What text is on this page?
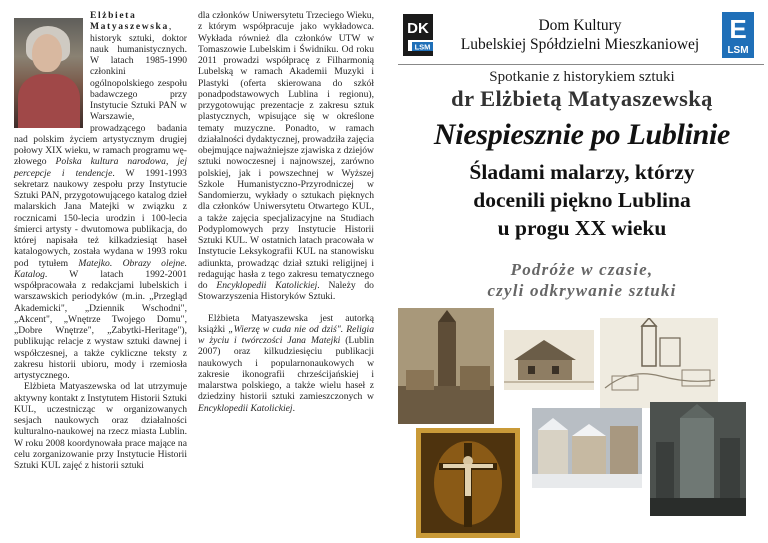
Elżbieta Matyaszewska, historyk sztuki, doktor nauk humanistycznych. W latach 1985-1990 członkini ogólnopolskiego zespołu badawczego przy Instytucie Sztuki PAN w Warszawie, prowadzącego badania nad polskim życiem artystycznym drugiej połowy XIX wieku, w ramach programu wę-złowego Polska kultura narodowa, jej percepcje i tendencje. W 1991-1993 sekretarz naukowy zespołu przy Instytucie Sztuki PAN, przygotowującego katalog dzieł malarskich Jana Matejki w związku z rocznicami 150-lecia urodzin i 100-lecia śmierci artysty - dwutomowa publikacja, do której napisała też kilkadziesiąt haseł katalogowych, została wydana w 1993 roku pod tytułem Matejko. Obrazy olejne. Katalog. W latach 1992-2001 współpracowała z redakcjami lubelskich i warszawskich periodyków (m.in. „Przegląd Akademicki", „Dziennik Wschodni", „Akcent", „Wnętrze Twojego Domu", „Dobre Wnętrze", „Zabytki-Heritage"), publikując relacje z wystaw sztuki dawnej i współczesnej, a także cykliczne teksty z zakresu historii ubioru, mody i rzemiosła artystycznego.

Elżbieta Matyaszewska od lat utrzymuje aktywny kontakt z Instytutem Historii Sztuki KUL, uczestnicząc w organizowanych sesjach naukowych oraz działalności kulturalno-naukowej na rzecz miasta Lublin. W roku 2008 koordynowała prace mające na celu zorganizowanie przy Instytucie Historii Sztuki KUL zajęć z historii sztuki

dla członków Uniwersytetu Trzeciego Wieku, z którym współpracuje jako wykładowca. Wykłada również dla członków UTW w Tomaszowie Lubelskim i Świdniku. Od roku 2011 prowadzi współpracę z Filharmonią Lubelską w ramach Akademii Muzyki i Plastyki (oferta skierowana do szkół ponadpodstawowych Lublina i regionu), przygotowując prezentacje z zakresu sztuk plastycznych, wpisujące się w określone tematy muzyczne. Ponadto, w ramach działalności dydaktycznej, prowadziła zajęcia obejmujące najważniejsze zjawiska z dziejów sztuki nowoczesnej i najnowszej, zarówno polskiej, jak i powszechnej w Wyższej Szkole Humanistyczno-Przyrodniczej w Sandomierzu, wykłady o sztukach pięknych dla członków Uniwersytetu Otwartego KUL, a także zajęcia specjalizacyjne na Studiach Podyplomowych przy Instytucie Historii Sztuki KUL. W ostatnich latach pracowała w Instytucie Leksykografii KUL na stanowisku adiunkta, prowadząc dział sztuki religijnej i redagując hasła z tego zakresu tematycznego do Encyklopedii Katolickiej. Należy do Stowarzyszenia Historyków Sztuki.

Elżbieta Matyaszewska jest autorką książki „Wierzę w cuda nie od dziś". Religia w życiu i twórczości Jana Matejki (Lublin 2007) oraz kilkudziesięciu publikacji naukowych i popularnonaukowych w zakresie ikonografii chrześcijańskiej i malarstwa polskiego, a także wielu haseł z dziedziny historii sztuki zamieszczonych w Encyklopedii Katolickiej.

DK
LSM
Dom Kultury
Lubelskiej Spółdzielni Mieszkaniowej
E
LSM
Spotkanie z historykiem sztuki
dr Elżbietą Matyaszewską
Niespiesznie po Lublinie
Śladami malarzy, którzy
docenili piękno Lublina
u progu XX wieku
Podróże w czasie,
czyli odkrywanie sztuki
